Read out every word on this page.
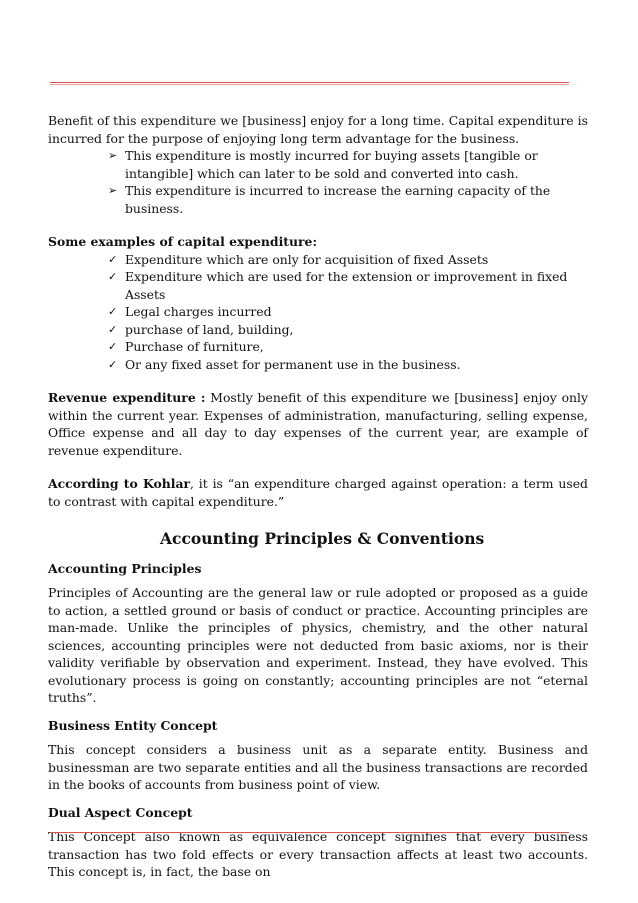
Benefit of this expenditure we [business] enjoy for a long time. Capital expenditure is incurred for the purpose of enjoying long term advantage for the business.

➢ This expenditure is mostly incurred for buying assets [tangible or intangible] which can later to be sold and converted into cash.
➢ This expenditure is incurred to increase the earning capacity of the business.

Some examples of capital expenditure:

✓ Expenditure which are only for acquisition of fixed Assets
✓ Expenditure which are used for the extension or improvement in fixed Assets
✓ Legal charges incurred
✓ purchase of land, building,
✓ Purchase of furniture,
✓ Or any fixed asset for permanent use in the business.

Revenue expenditure : Mostly benefit of this expenditure we [business] enjoy only within the current year. Expenses of administration, manufacturing, selling expense, Office expense and all day to day expenses of the current year, are example of revenue expenditure.

According to Kohlar, it is “an expenditure charged against operation: a term used to contrast with capital expenditure.”

Accounting Principles & Conventions
Accounting Principles

Principles of Accounting are the general law or rule adopted or proposed as a guide to action, a settled ground or basis of conduct or practice. Accounting principles are man-made. Unlike the principles of physics, chemistry, and the other natural sciences, accounting principles were not deducted from basic axioms, nor is their validity verifiable by observation and experiment. Instead, they have evolved. This evolutionary process is going on constantly; accounting principles are not “eternal truths”.

Business Entity Concept

This concept considers a business unit as a separate entity. Business and businessman are two separate entities and all the business transactions are recorded in the books of accounts from business point of view.

Dual Aspect Concept

This Concept also known as equivalence concept signifies that every business transaction has two fold effects or every transaction affects at least two accounts. This concept is, in fact, the base on
